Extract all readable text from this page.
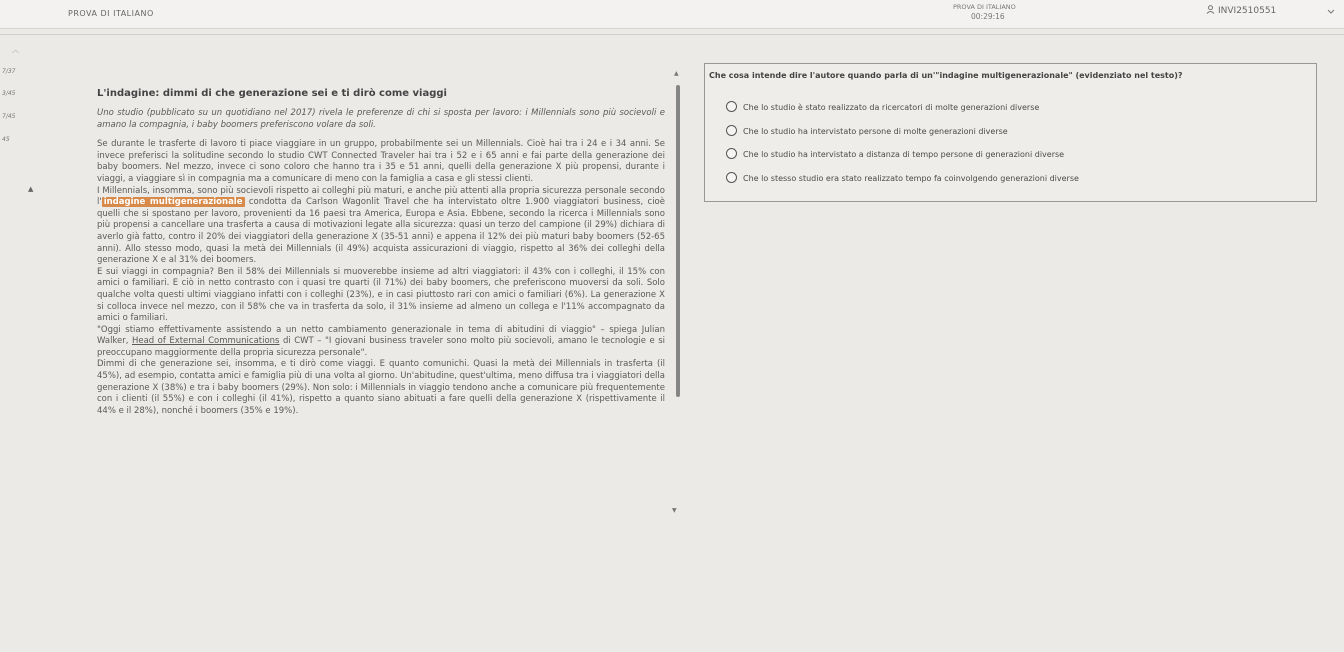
PROVA DI ITALIANO
PROVA DI ITALIANO
00:29:16
INVI2510551
︿
7/37
3/45
7/45
45
▲
L'indagine: dimmi di che generazione sei e ti dirò come viaggi

Uno studio (pubblicato su un quotidiano nel 2017) rivela le preferenze di chi si sposta per lavoro: i Millennials sono più socievoli e amano la compagnia, i baby boomers preferiscono volare da soli.

Se durante le trasferte di lavoro ti piace viaggiare in un gruppo, probabilmente sei un Millennials. Cioè hai tra i 24 e i 34 anni. Se invece preferisci la solitudine secondo lo studio CWT Connected Traveler hai tra i 52 e i 65 anni e fai parte della generazione dei baby boomers. Nel mezzo, invece ci sono coloro che hanno tra i 35 e 51 anni, quelli della generazione X più propensi, durante i viaggi, a viaggiare sì in compagnia ma a comunicare di meno con la famiglia a casa e gli stessi clienti.

I Millennials, insomma, sono più socievoli rispetto ai colleghi più maturi, e anche più attenti alla propria sicurezza personale secondo l' indagine multigenerazionale condotta da Carlson Wagonlit Travel che ha intervistato oltre 1.900 viaggiatori business, cioè quelli che si spostano per lavoro, provenienti da 16 paesi tra America, Europa e Asia. Ebbene, secondo la ricerca i Millennials sono più propensi a cancellare una trasferta a causa di motivazioni legate alla sicurezza: quasi un terzo del campione (il 29%) dichiara di averlo già fatto, contro il 20% dei viaggiatori della generazione X (35-51 anni) e appena il 12% dei più maturi baby boomers (52-65 anni). Allo stesso modo, quasi la metà dei Millennials (il 49%) acquista assicurazioni di viaggio, rispetto al 36% dei colleghi della generazione X e al 31% dei boomers.

E sui viaggi in compagnia? Ben il 58% dei Millennials si muoverebbe insieme ad altri viaggiatori: il 43% con i colleghi, il 15% con amici o familiari. E ciò in netto contrasto con i quasi tre quarti (il 71%) dei baby boomers, che preferiscono muoversi da soli. Solo qualche volta questi ultimi viaggiano infatti con i colleghi (23%), e in casi piuttosto rari con amici o familiari (6%). La generazione X si colloca invece nel mezzo, con il 58% che va in trasferta da solo, il 31% insieme ad almeno un collega e l'11% accompagnato da amici o familiari.

"Oggi stiamo effettivamente assistendo a un netto cambiamento generazionale in tema di abitudini di viaggio" – spiega Julian Walker, Head of External Communications di CWT – "I giovani business traveler sono molto più socievoli, amano le tecnologie e si preoccupano maggiormente della propria sicurezza personale".

Dimmi di che generazione sei, insomma, e ti dirò come viaggi. E quanto comunichi. Quasi la metà dei Millennials in trasferta (il 45%), ad esempio, contatta amici e famiglia più di una volta al giorno. Un'abitudine, quest'ultima, meno diffusa tra i viaggiatori della generazione X (38%) e tra i baby boomers (29%). Non solo: i Millennials in viaggio tendono anche a comunicare più frequentemente con i clienti (il 55%) e con i colleghi (il 41%), rispetto a quanto siano abituati a fare quelli della generazione X (rispettivamente il 44% e il 28%), nonché i boomers (35% e 19%).

▲
▼
Che cosa intende dire l'autore quando parla di un'"indagine multigenerazionale" (evidenziato nel testo)?
Che lo studio è stato realizzato da ricercatori di molte generazioni diverse
Che lo studio ha intervistato persone di molte generazioni diverse
Che lo studio ha intervistato a distanza di tempo persone di generazioni diverse
Che lo stesso studio era stato realizzato tempo fa coinvolgendo generazioni diverse
